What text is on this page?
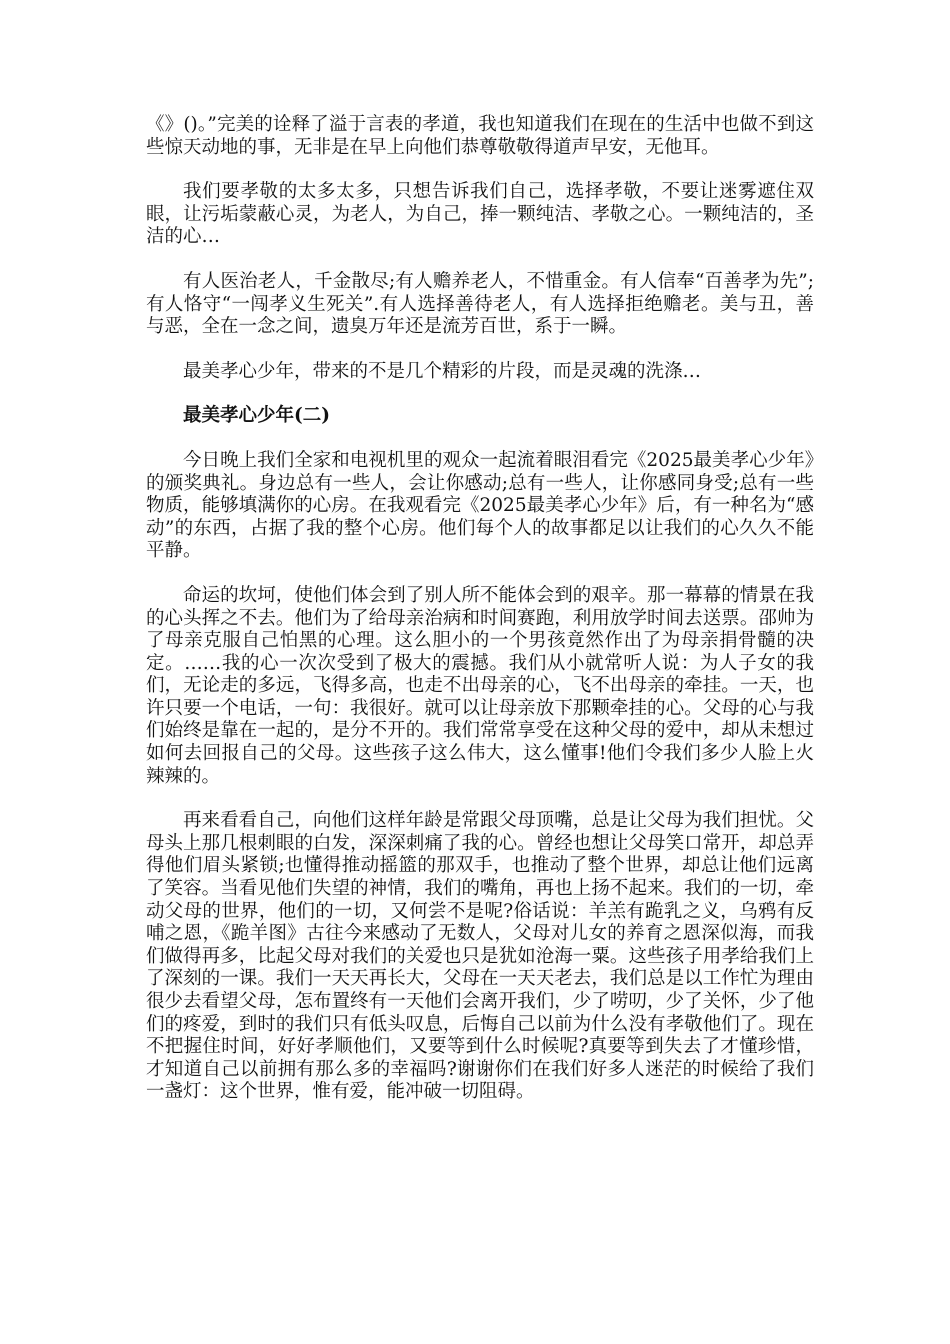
《》()。”完美的诠释了溢于言表的孝道，我也知道我们在现在的生活中也做不到这些惊天动地的事，无非是在早上向他们恭尊敬敬得道声早安，无他耳。

我们要孝敬的太多太多，只想告诉我们自己，选择孝敬，不要让迷雾遮住双眼，让污垢蒙蔽心灵，为老人，为自己，捧一颗纯洁、孝敬之心。一颗纯洁的，圣洁的心…

有人医治老人，千金散尽;有人赡养老人，不惜重金。有人信奉“百善孝为先”;有人恪守“一闯孝义生死关”.有人选择善待老人，有人选择拒绝赡老。美与丑，善与恶，全在一念之间，遗臭万年还是流芳百世，系于一瞬。

最美孝心少年，带来的不是几个精彩的片段，而是灵魂的洗涤…

最美孝心少年(二)

今日晚上我们全家和电视机里的观众一起流着眼泪看完《2025最美孝心少年》的颁奖典礼。身边总有一些人，会让你感动;总有一些人，让你感同身受;总有一些物质，能够填满你的心房。在我观看完《2025最美孝心少年》后，有一种名为“感动”的东西，占据了我的整个心房。他们每个人的故事都足以让我们的心久久不能平静。

命运的坎坷，使他们体会到了别人所不能体会到的艰辛。那一幕幕的情景在我的心头挥之不去。他们为了给母亲治病和时间赛跑，利用放学时间去送票。邵帅为了母亲克服自己怕黑的心理。这么胆小的一个男孩竟然作出了为母亲捐骨髓的决定。……我的心一次次受到了极大的震撼。我们从小就常听人说：为人子女的我们，无论走的多远，飞得多高，也走不出母亲的心，飞不出母亲的牵挂。一天，也许只要一个电话，一句：我很好。就可以让母亲放下那颗牵挂的心。父母的心与我们始终是靠在一起的，是分不开的。我们常常享受在这种父母的爱中，却从未想过如何去回报自己的父母。这些孩子这么伟大，这么懂事!他们令我们多少人脸上火辣辣的。

再来看看自己，向他们这样年龄是常跟父母顶嘴，总是让父母为我们担忧。父母头上那几根刺眼的白发，深深刺痛了我的心。曾经也想让父母笑口常开，却总弄得他们眉头紧锁;也懂得推动摇篮的那双手，也推动了整个世界，却总让他们远离了笑容。当看见他们失望的神情，我们的嘴角，再也上扬不起来。我们的一切，牵动父母的世界，他们的一切，又何尝不是呢?俗话说：羊羔有跪乳之义，乌鸦有反哺之恩，《跪羊图》古往今来感动了无数人，父母对儿女的养育之恩深似海，而我们做得再多，比起父母对我们的关爱也只是犹如沧海一粟。这些孩子用孝给我们上了深刻的一课。我们一天天再长大，父母在一天天老去，我们总是以工作忙为理由很少去看望父母，怎布置终有一天他们会离开我们，少了唠叨，少了关怀，少了他们的疼爱，到时的我们只有低头叹息，后悔自己以前为什么没有孝敬他们了。现在不把握住时间，好好孝顺他们，又要等到什么时候呢?真要等到失去了才懂珍惜，才知道自己以前拥有那么多的幸福吗?谢谢你们在我们好多人迷茫的时候给了我们一盏灯：这个世界，惟有爱，能冲破一切阻碍。
